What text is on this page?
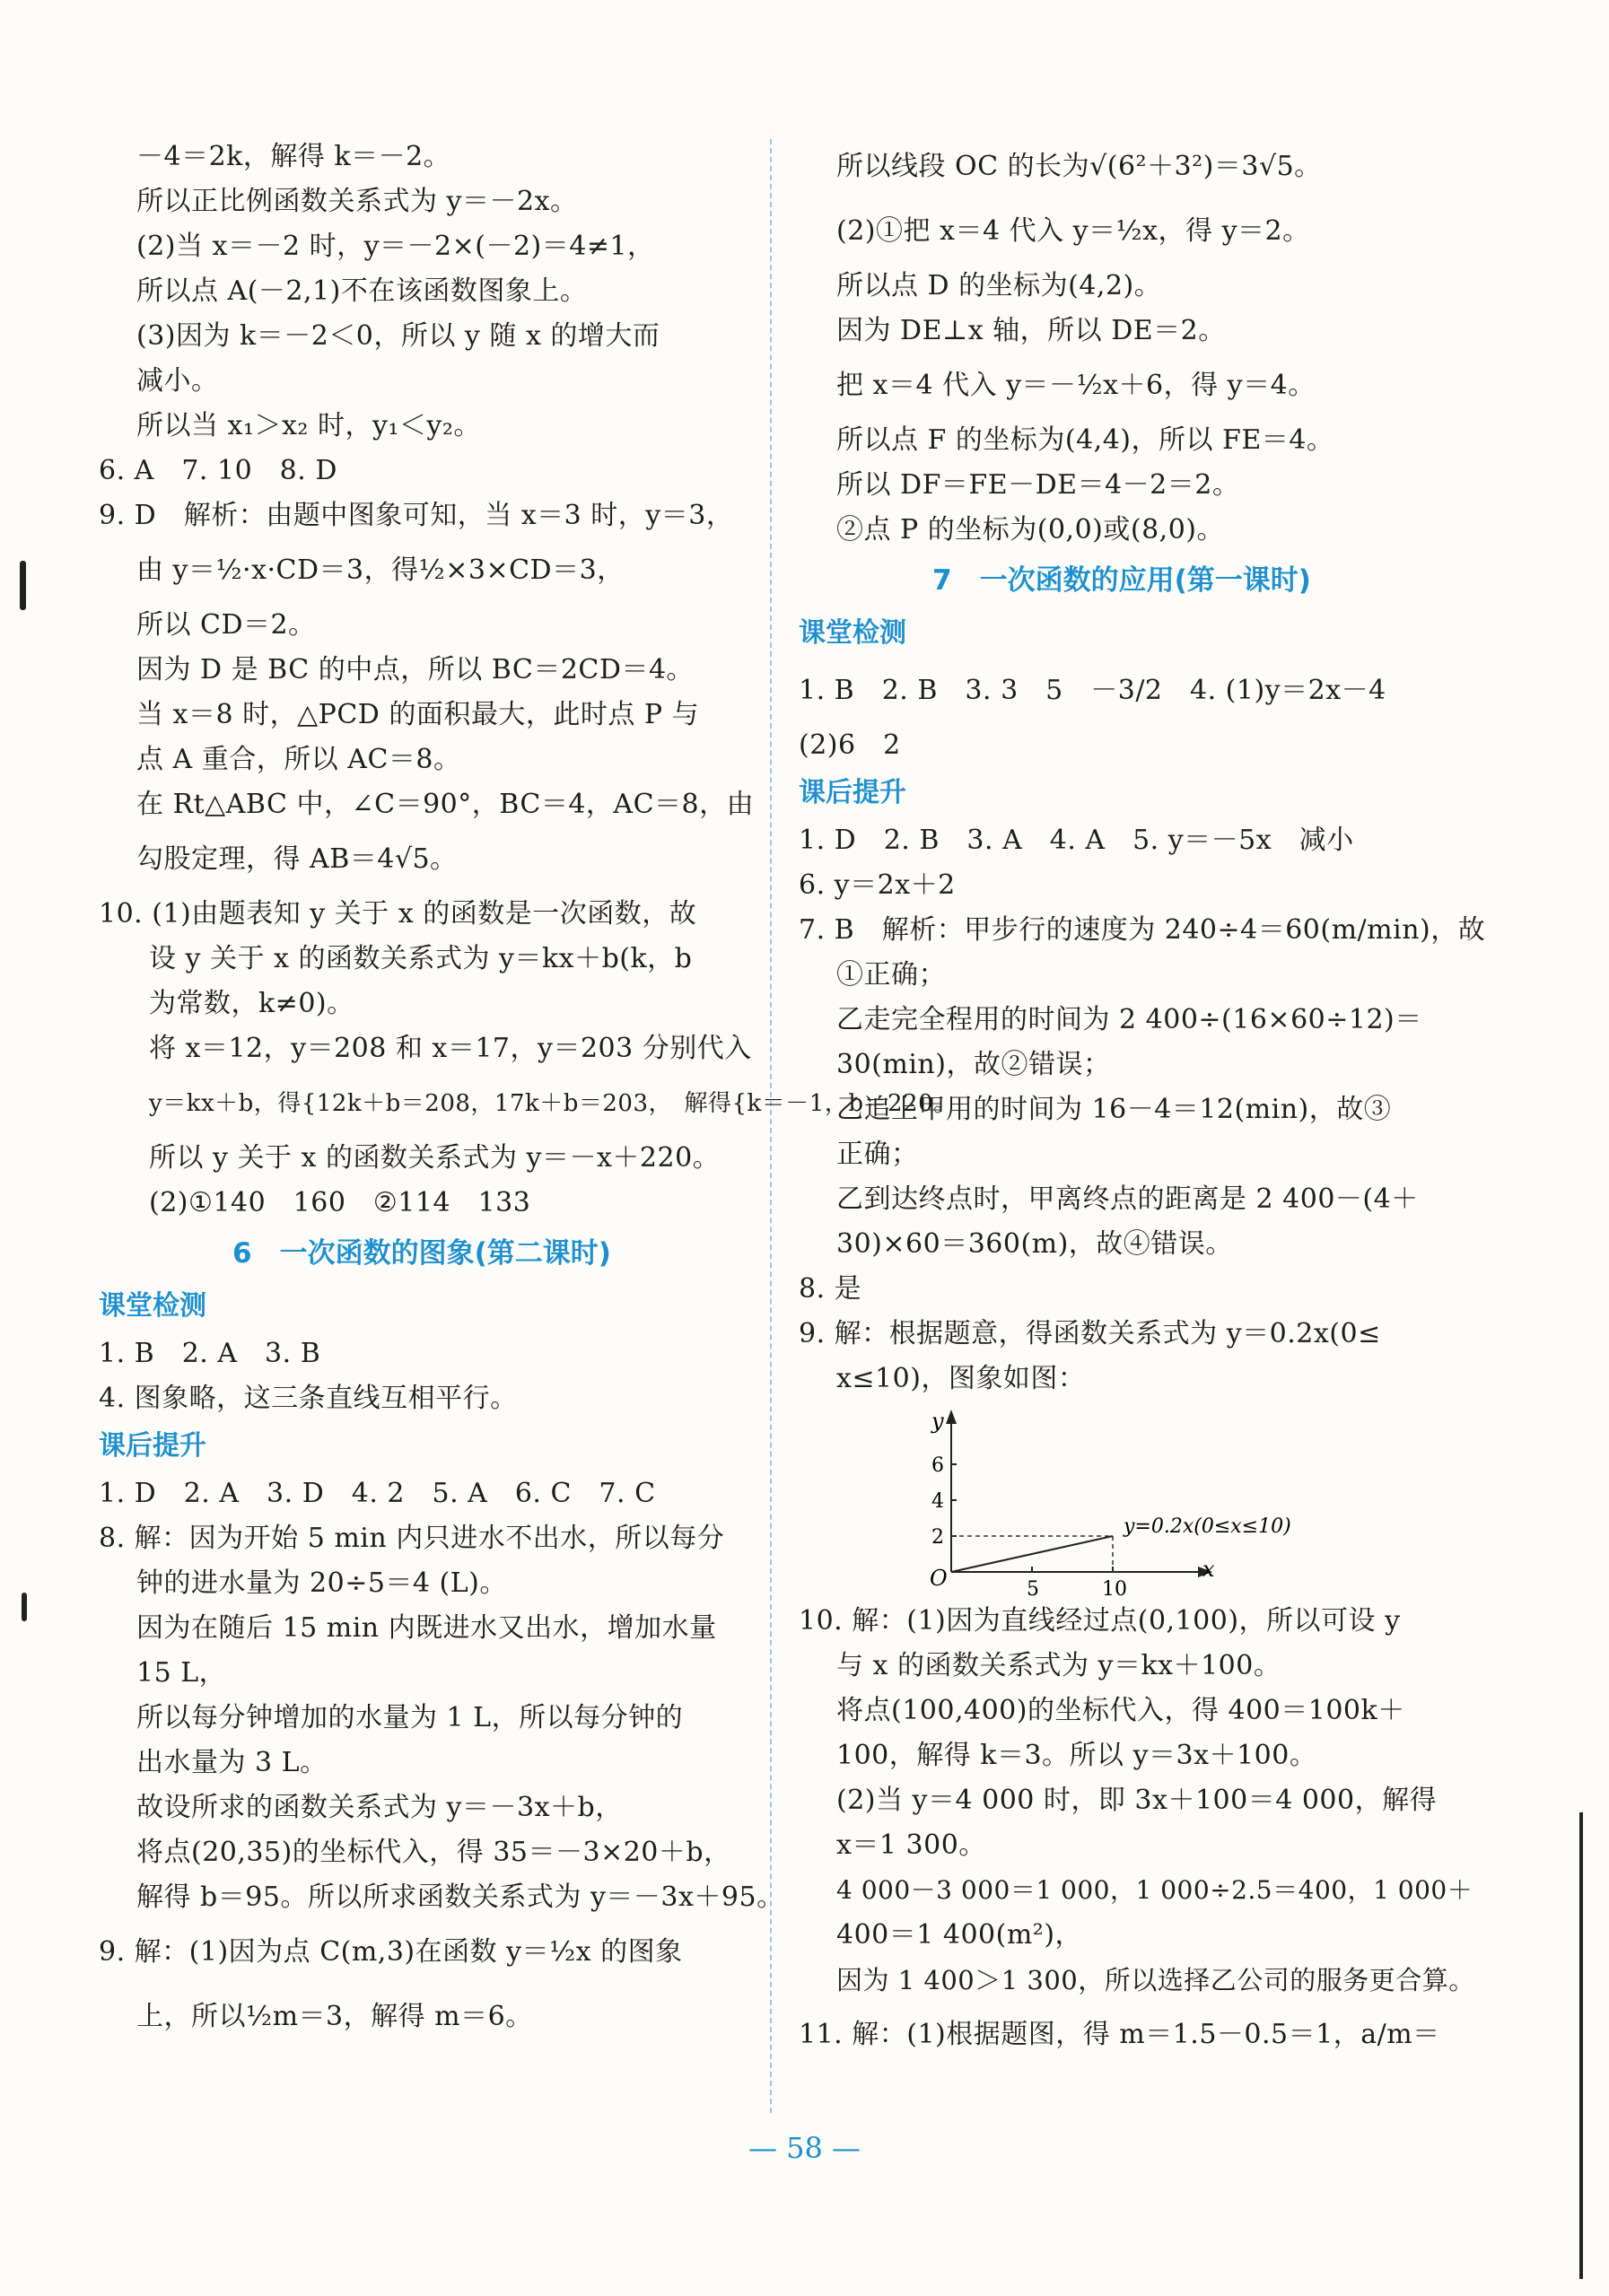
－4＝2k，解得 k＝－2。
所以正比例函数关系式为 y＝－2x。
(2)当 x＝－2 时，y＝－2×(－2)＝4≠1，
所以点 A(－2,1)不在该函数图象上。
(3)因为 k＝－2＜0，所以 y 随 x 的增大而
减小。
所以当 x₁＞x₂ 时，y₁＜y₂。
6. A　7. 10　8. D
9. D　解析：由题中图象可知，当 x＝3 时，y＝3，
由 y＝½·x·CD＝3，得½×3×CD＝3，
所以 CD＝2。
因为 D 是 BC 的中点，所以 BC＝2CD＝4。
当 x＝8 时，△PCD 的面积最大，此时点 P 与
点 A 重合，所以 AC＝8。
在 Rt△ABC 中，∠C＝90°，BC＝4，AC＝8，由
勾股定理，得 AB＝4√5。
10. (1)由题表知 y 关于 x 的函数是一次函数，故
设 y 关于 x 的函数关系式为 y＝kx＋b(k，b
为常数，k≠0)。
将 x＝12，y＝208 和 x＝17，y＝203 分别代入
y＝kx＋b，得{12k＋b＝208，17k＋b＝203，　解得{k＝－1，b＝220。
所以 y 关于 x 的函数关系式为 y＝－x＋220。
(2)①140　160　②114　133
6　一次函数的图象(第二课时)
课堂检测
1. B　2. A　3. B
4. 图象略，这三条直线互相平行。
课后提升
1. D　2. A　3. D　4. 2　5. A　6. C　7. C
8. 解：因为开始 5 min 内只进水不出水，所以每分
钟的进水量为 20÷5＝4 (L)。
因为在随后 15 min 内既进水又出水，增加水量
15 L，
所以每分钟增加的水量为 1 L，所以每分钟的
出水量为 3 L。
故设所求的函数关系式为 y＝－3x＋b，
将点(20,35)的坐标代入，得 35＝－3×20＋b，
解得 b＝95。所以所求函数关系式为 y＝－3x＋95。
9. 解：(1)因为点 C(m,3)在函数 y＝½x 的图象
上，所以½m＝3，解得 m＝6。
所以线段 OC 的长为√(6²＋3²)＝3√5。
(2)①把 x＝4 代入 y＝½x，得 y＝2。
所以点 D 的坐标为(4,2)。
因为 DE⊥x 轴，所以 DE＝2。
把 x＝4 代入 y＝－½x＋6，得 y＝4。
所以点 F 的坐标为(4,4)，所以 FE＝4。
所以 DF＝FE－DE＝4－2＝2。
②点 P 的坐标为(0,0)或(8,0)。
7　一次函数的应用(第一课时)
课堂检测
1. B　2. B　3. 3　5　－3/2　4. (1)y＝2x－4
(2)6　2
课后提升
1. D　2. B　3. A　4. A　5. y＝－5x　减小
6. y＝2x＋2
7. B　解析：甲步行的速度为 240÷4＝60(m/min)，故
①正确；
乙走完全程用的时间为 2 400÷(16×60÷12)＝
30(min)，故②错误；
乙追上甲用的时间为 16－4＝12(min)，故③
正确；
乙到达终点时，甲离终点的距离是 2 400－(4＋
30)×60＝360(m)，故④错误。
8. 是
9. 解：根据题意，得函数关系式为 y＝0.2x(0≤
x≤10)，图象如图：
y
x
O
2
4
6
5	10
y=0.2x(0≤x≤10)
10. 解：(1)因为直线经过点(0,100)，所以可设 y
与 x 的函数关系式为 y＝kx＋100。
将点(100,400)的坐标代入，得 400＝100k＋
100，解得 k＝3。所以 y＝3x＋100。
(2)当 y＝4 000 时，即 3x＋100＝4 000，解得
x＝1 300。
4 000－3 000＝1 000，1 000÷2.5＝400，1 000＋
400＝1 400(m²)，
因为 1 400＞1 300，所以选择乙公司的服务更合算。
11. 解：(1)根据题图，得 m＝1.5－0.5＝1，a/m＝
— 58 —
